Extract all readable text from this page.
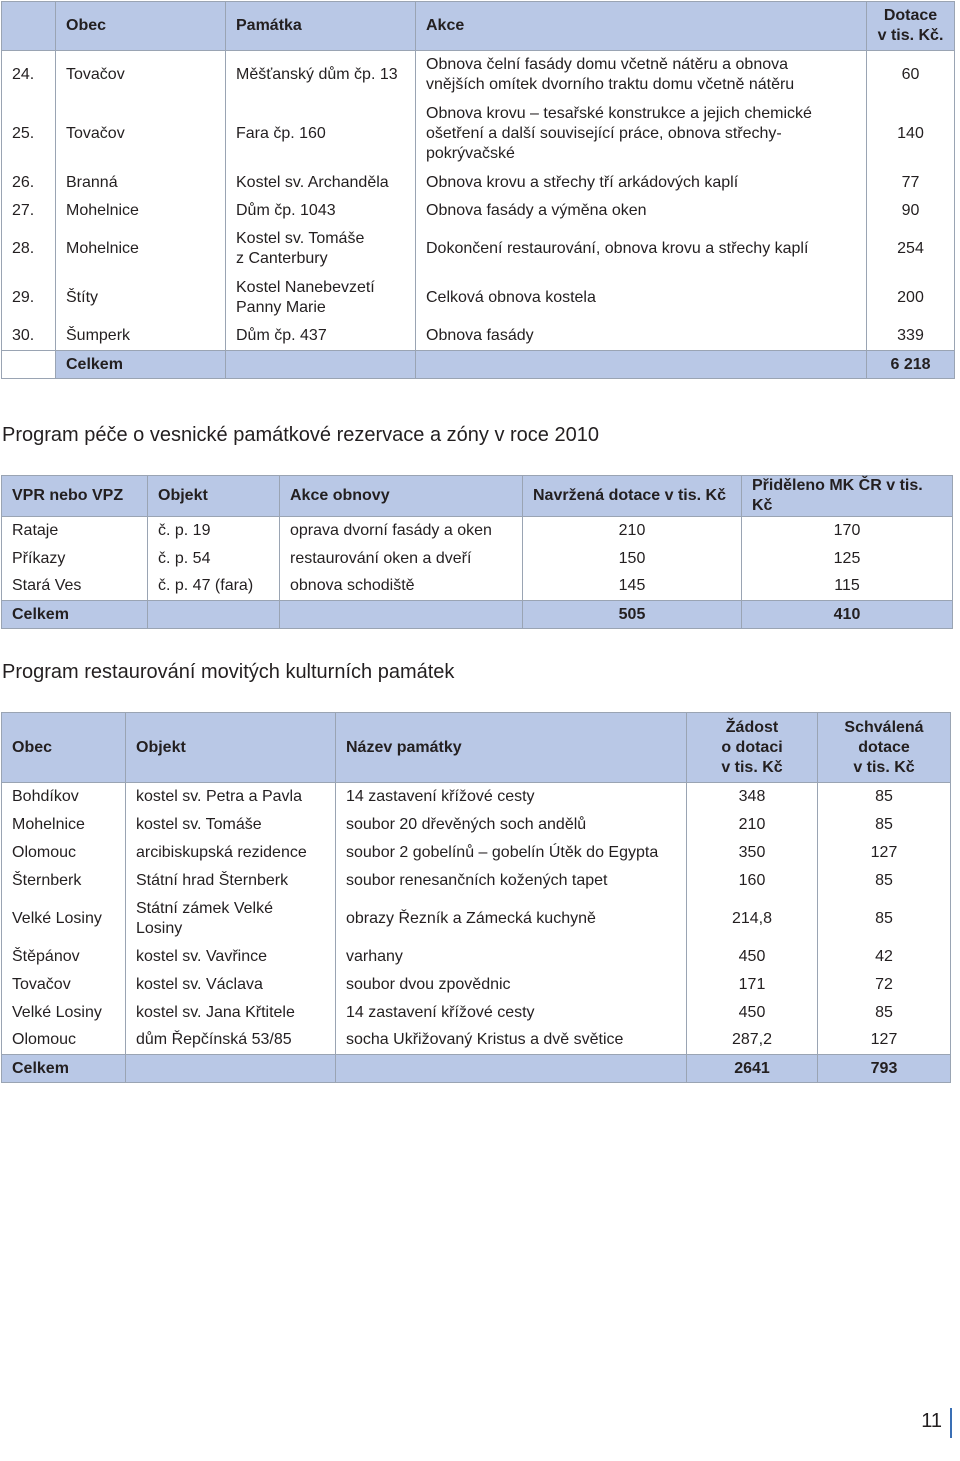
	Obec	Památka	Akce	Dotace
v tis. Kč.
24.	Tovačov	Měšťanský dům čp. 13	Obnova čelní fasády domu včetně nátěru a obnova
vnějších omítek dvorního traktu domu včetně nátěru	60
25.	Tovačov	Fara čp. 160	Obnova krovu – tesařské konstrukce a jejich chemické
ošetření a další související práce, obnova střechy-
pokrývačské	140
26.	Branná	Kostel sv. Archanděla	Obnova krovu a střechy tří arkádových kaplí	77
27.	Mohelnice	Dům čp. 1043	Obnova fasády a výměna oken	90
28.	Mohelnice	Kostel sv. Tomáše
z Canterbury	Dokončení restaurování, obnova krovu a střechy kaplí	254
29.	Štíty	Kostel Nanebevzetí
Panny Marie	Celková obnova kostela	200
30.	Šumperk	Dům čp. 437	Obnova fasády	339
	Celkem			6 218
Program péče o vesnické památkové rezervace a zóny v roce 2010
VPR nebo VPZ	Objekt	Akce obnovy	Navržená dotace v tis. Kč	Přiděleno MK ČR v tis. Kč
Rataje	č. p. 19	oprava dvorní fasády a oken	210	170
Příkazy	č. p. 54	restaurování oken a dveří	150	125
Stará Ves	č. p. 47 (fara)	obnova schodiště	145	115
Celkem			505	410
Program restaurování movitých kulturních památek
Obec	Objekt	Název památky	Žádost
o dotaci
v tis. Kč	Schválená
dotace
v tis. Kč
Bohdíkov	kostel sv. Petra a Pavla	14 zastavení křížové cesty	348	85
Mohelnice	kostel sv. Tomáše	soubor 20 dřevěných soch andělů	210	85
Olomouc	arcibiskupská rezidence	soubor 2 gobelínů – gobelín Útěk do Egypta	350	127
Šternberk	Státní hrad Šternberk	soubor renesančních kožených tapet	160	85
Velké Losiny	Státní zámek Velké
Losiny	obrazy Řezník a Zámecká kuchyně	214,8	85
Štěpánov	kostel sv. Vavřince	varhany	450	42
Tovačov	kostel sv. Václava	soubor dvou zpovědnic	171	72
Velké Losiny	kostel sv. Jana Křtitele	14 zastavení křížové cesty	450	85
Olomouc	dům Řepčínská 53/85	socha Ukřižovaný Kristus a dvě světice	287,2	127
Celkem			2641	793
11
